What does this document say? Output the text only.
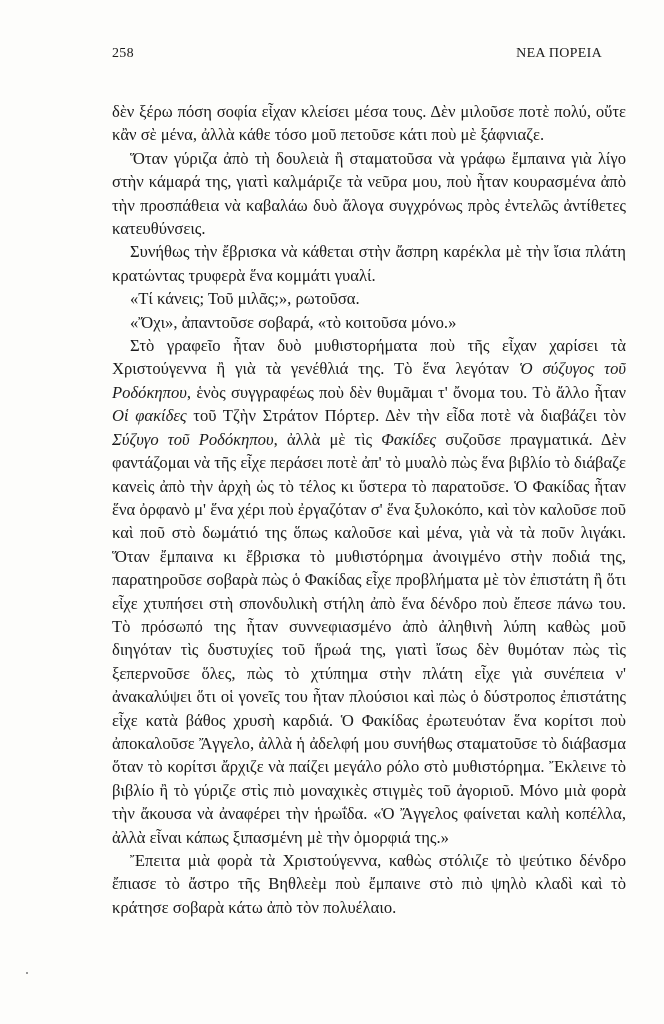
258	ΝΕΑ ΠΟΡΕΙΑ

δὲν ξέρω πόση σοφία εἶχαν κλείσει μέσα τους. Δὲν μιλοῦσε ποτὲ πολύ, οὔτε κἂν σὲ μένα, ἀλλὰ κάθε τόσο μοῦ πετοῦσε κάτι ποὺ μὲ ξάφνιαζε.

Ὅταν γύριζα ἀπὸ τὴ δουλειὰ ἢ σταματοῦσα νὰ γράφω ἔμπαινα γιὰ λίγο στὴν κάμαρά της, γιατὶ καλμάριζε τὰ νεῦρα μου, ποὺ ἦταν κουρασμένα ἀπὸ τὴν προσπάθεια νὰ καβαλάω δυὸ ἄλογα συγχρόνως πρὸς ἐντελῶς ἀντίθετες κατευθύνσεις.

Συνήθως τὴν ἔβρισκα νὰ κάθεται στὴν ἄσπρη καρέκλα μὲ τὴν ἴσια πλάτη κρατώντας τρυφερὰ ἕνα κομμάτι γυαλί.

«Τί κάνεις; Τοῦ μιλᾶς;», ρωτοῦσα.

«Ὄχι», ἀπαντοῦσε σοβαρά, «τὸ κοιτοῦσα μόνο.»

Στὸ γραφεῖο ἦταν δυὸ μυθιστορήματα ποὺ τῆς εἶχαν χαρίσει τὰ Χριστούγεννα ἢ γιὰ τὰ γενέθλιά της. Τὸ ἕνα λεγόταν Ὁ σύζυγος τοῦ Ροδόκηπου, ἑνὸς συγγραφέως ποὺ δὲν θυμᾶμαι τ' ὄνομα του. Τὸ ἄλλο ἦταν Οἱ φακίδες τοῦ Τζὴν Στράτον Πόρτερ. Δὲν τὴν εἶδα ποτὲ νὰ διαβάζει τὸν Σύζυγο τοῦ Ροδόκηπου, ἀλλὰ μὲ τὶς Φακίδες συζοῦσε πραγματικά. Δὲν φαντάζομαι νὰ τῆς εἶχε περάσει ποτὲ ἀπ' τὸ μυαλὸ πὼς ἕνα βιβλίο τὸ διάβαζε κανεὶς ἀπὸ τὴν ἀρχὴ ὡς τὸ τέλος κι ὕστερα τὸ παρατοῦσε. Ὁ Φακίδας ἦταν ἕνα ὀρφανὸ μ' ἕνα χέρι ποὺ ἐργαζόταν σ' ἕνα ξυλοκόπο, καὶ τὸν καλοῦσε ποῦ καὶ ποῦ στὸ δωμάτιό της ὅπως καλοῦσε καὶ μένα, γιὰ νὰ τὰ ποῦν λιγάκι. Ὅταν ἔμπαινα κι ἔβρισκα τὸ μυθιστόρημα ἀνοιγμένο στὴν ποδιά της, παρατηροῦσε σοβαρὰ πὼς ὁ Φακίδας εἶχε προβλήματα μὲ τὸν ἐπιστάτη ἢ ὅτι εἶχε χτυπήσει στὴ σπονδυλικὴ στήλη ἀπὸ ἕνα δένδρο ποὺ ἔπεσε πάνω του. Τὸ πρόσωπό της ἦταν συννεφιασμένο ἀπὸ ἀληθινὴ λύπη καθὼς μοῦ διηγόταν τὶς δυστυχίες τοῦ ἥρωά της, γιατὶ ἴσως δὲν θυμόταν πὼς τὶς ξεπερνοῦσε ὅλες, πὼς τὸ χτύπημα στὴν πλάτη εἶχε γιὰ συνέπεια ν' ἀνακαλύψει ὅτι οἱ γονεῖς του ἦταν πλούσιοι καὶ πὼς ὁ δύστροπος ἐπιστάτης εἶχε κατὰ βάθος χρυσὴ καρδιά. Ὁ Φακίδας ἐρωτευόταν ἕνα κορίτσι ποὺ ἀποκαλοῦσε Ἄγγελο, ἀλλὰ ἡ ἀδελφή μου συνήθως σταματοῦσε τὸ διάβασμα ὅταν τὸ κορίτσι ἄρχιζε νὰ παίζει μεγάλο ρόλο στὸ μυθιστόρημα. Ἔκλεινε τὸ βιβλίο ἢ τὸ γύριζε στὶς πιὸ μοναχικὲς στιγμὲς τοῦ ἀγοριοῦ. Μόνο μιὰ φορὰ τὴν ἄκουσα νὰ ἀναφέρει τὴν ἡρωΐδα. «Ὁ Ἄγγελος φαίνεται καλὴ κοπέλλα, ἀλλὰ εἶναι κάπως ξιπασμένη μὲ τὴν ὀμορφιά της.»

Ἔπειτα μιὰ φορὰ τὰ Χριστούγεννα, καθὼς στόλιζε τὸ ψεύτικο δένδρο ἔπιασε τὸ ἄστρο τῆς Βηθλεὲμ ποὺ ἔμπαινε στὸ πιὸ ψηλὸ κλαδὶ καὶ τὸ κράτησε σοβαρὰ κάτω ἀπὸ τὸν πολυέλαιο.
